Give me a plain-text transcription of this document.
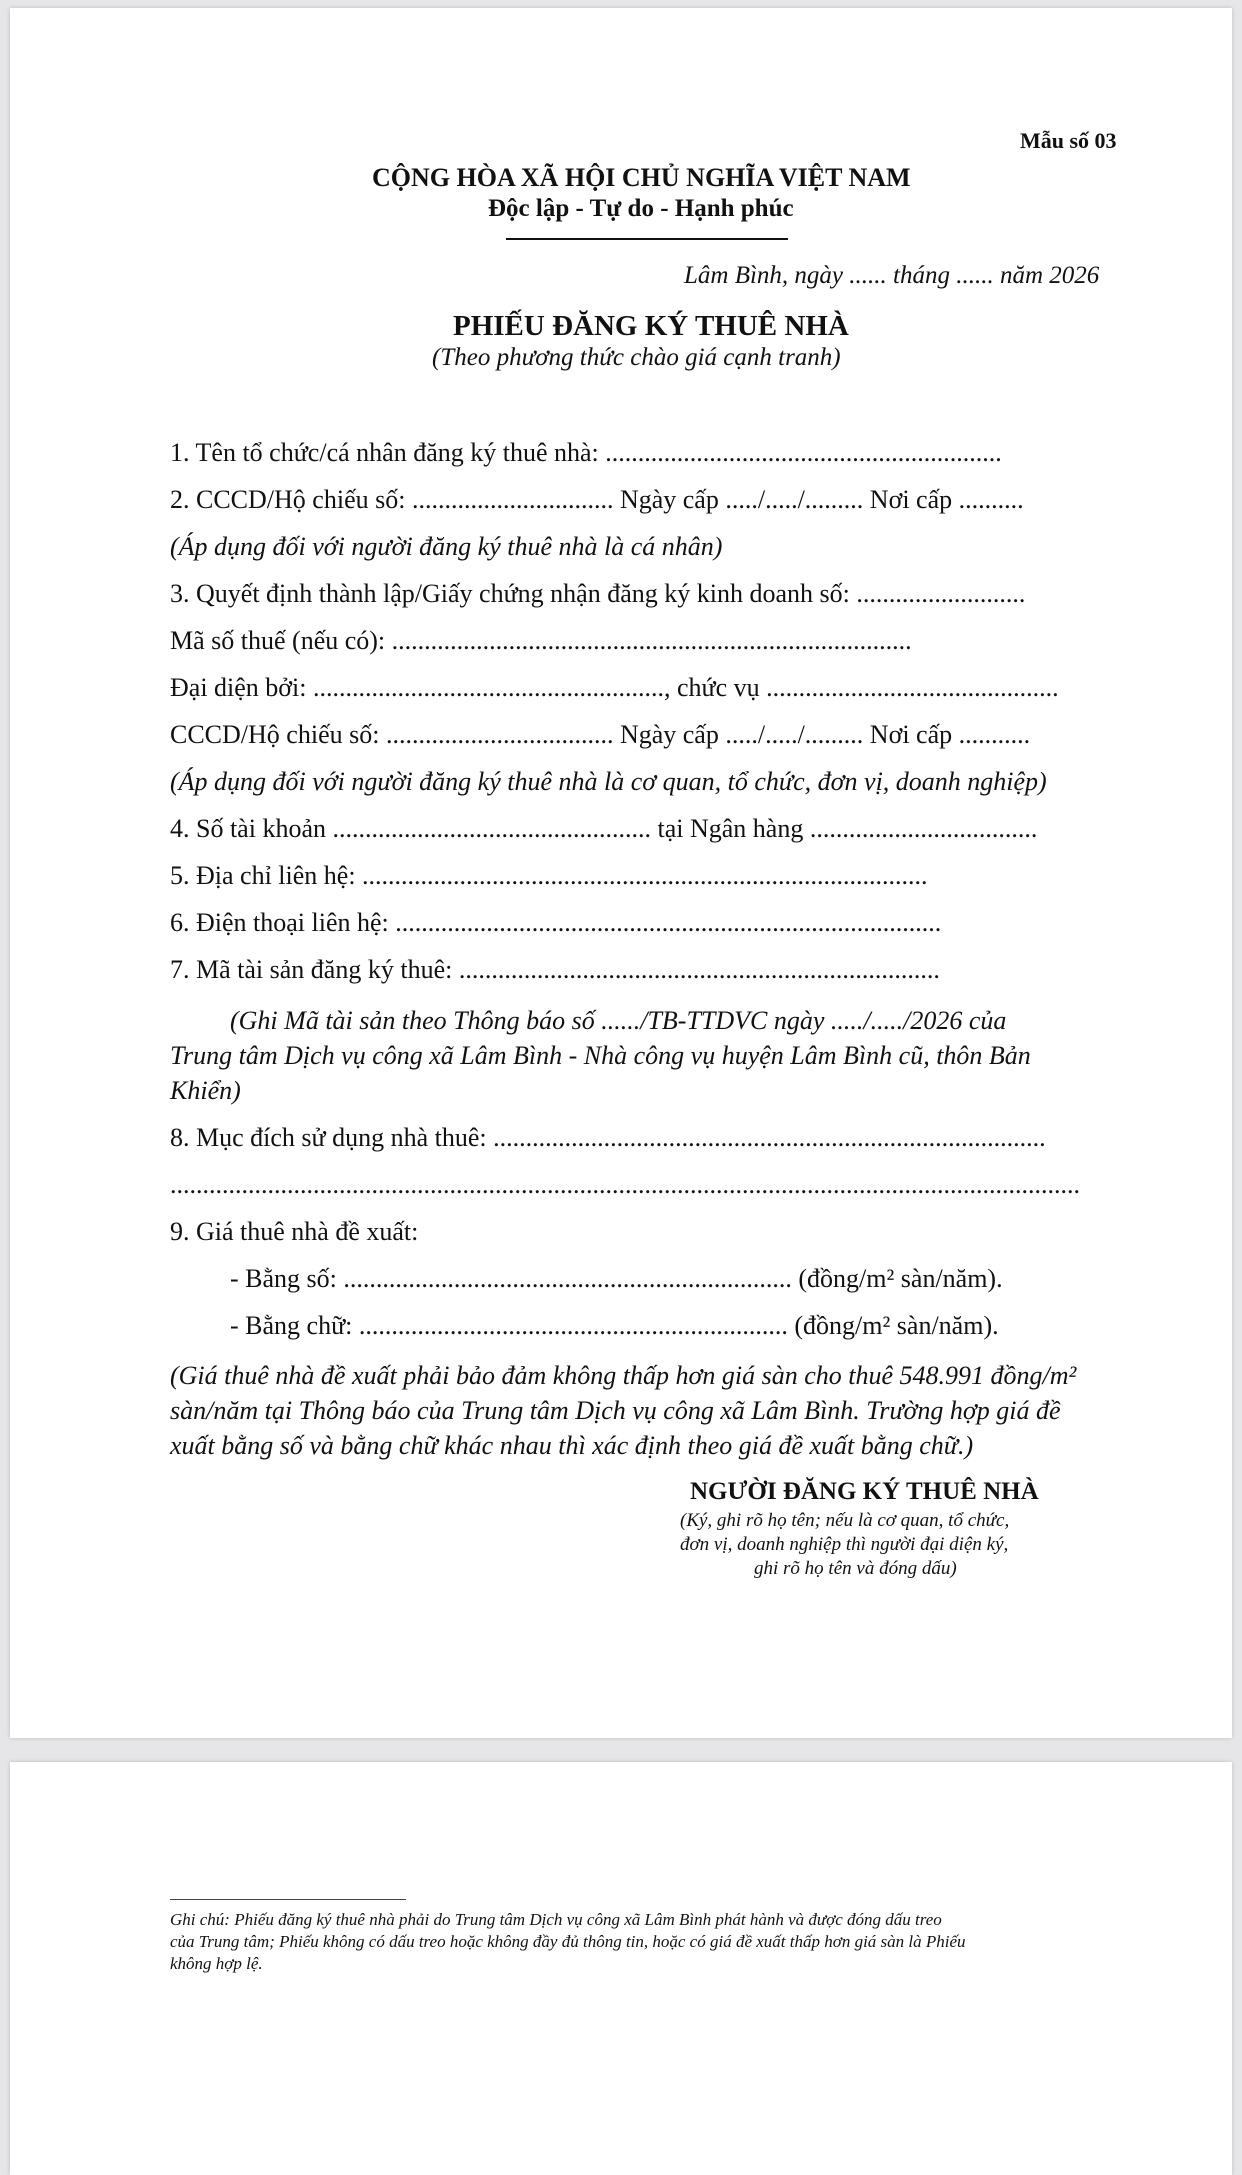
Mẫu số 03
CỘNG HÒA XÃ HỘI CHỦ NGHĨA VIỆT NAM
Độc lập - Tự do - Hạnh phúc
Lâm Bình, ngày ...... tháng ...... năm 2026
PHIẾU ĐĂNG KÝ THUÊ NHÀ
(Theo phương thức chào giá cạnh tranh)
1. Tên tổ chức/cá nhân đăng ký thuê nhà: .............................................................
2. CCCD/Hộ chiếu số: ............................... Ngày cấp ...../...../......... Nơi cấp ..........
(Áp dụng đối với người đăng ký thuê nhà là cá nhân)
3. Quyết định thành lập/Giấy chứng nhận đăng ký kinh doanh số: ..........................
Mã số thuế (nếu có): ................................................................................
Đại diện bởi: ......................................................, chức vụ .............................................
CCCD/Hộ chiếu số: ................................... Ngày cấp ...../...../......... Nơi cấp ...........
(Áp dụng đối với người đăng ký thuê nhà là cơ quan, tổ chức, đơn vị, doanh nghiệp)
4. Số tài khoản ................................................. tại Ngân hàng ...................................
5. Địa chỉ liên hệ: .......................................................................................
6. Điện thoại liên hệ: ....................................................................................
7. Mã tài sản đăng ký thuê: ..........................................................................
(Ghi Mã tài sản theo Thông báo số ....../TB-TTDVC ngày ...../...../2026 của
Trung tâm Dịch vụ công xã Lâm Bình - Nhà công vụ huyện Lâm Bình cũ, thôn Bản
Khiển)
8. Mục đích sử dụng nhà thuê: .....................................................................................
............................................................................................................................................
9. Giá thuê nhà đề xuất:
- Bằng số: ..................................................................... (đồng/m² sàn/năm).
- Bằng chữ: .................................................................. (đồng/m² sàn/năm).
(Giá thuê nhà đề xuất phải bảo đảm không thấp hơn giá sàn cho thuê 548.991 đồng/m²
sàn/năm tại Thông báo của Trung tâm Dịch vụ công xã Lâm Bình. Trường hợp giá đề
xuất bằng số và bằng chữ khác nhau thì xác định theo giá đề xuất bằng chữ.)
NGƯỜI ĐĂNG KÝ THUÊ NHÀ
(Ký, ghi rõ họ tên; nếu là cơ quan, tổ chức,
đơn vị, doanh nghiệp thì người đại diện ký,
ghi rõ họ tên và đóng dấu)
Ghi chú: Phiếu đăng ký thuê nhà phải do Trung tâm Dịch vụ công xã Lâm Bình phát hành và được đóng dấu treo
của Trung tâm; Phiếu không có dấu treo hoặc không đầy đủ thông tin, hoặc có giá đề xuất thấp hơn giá sàn là Phiếu
không hợp lệ.
